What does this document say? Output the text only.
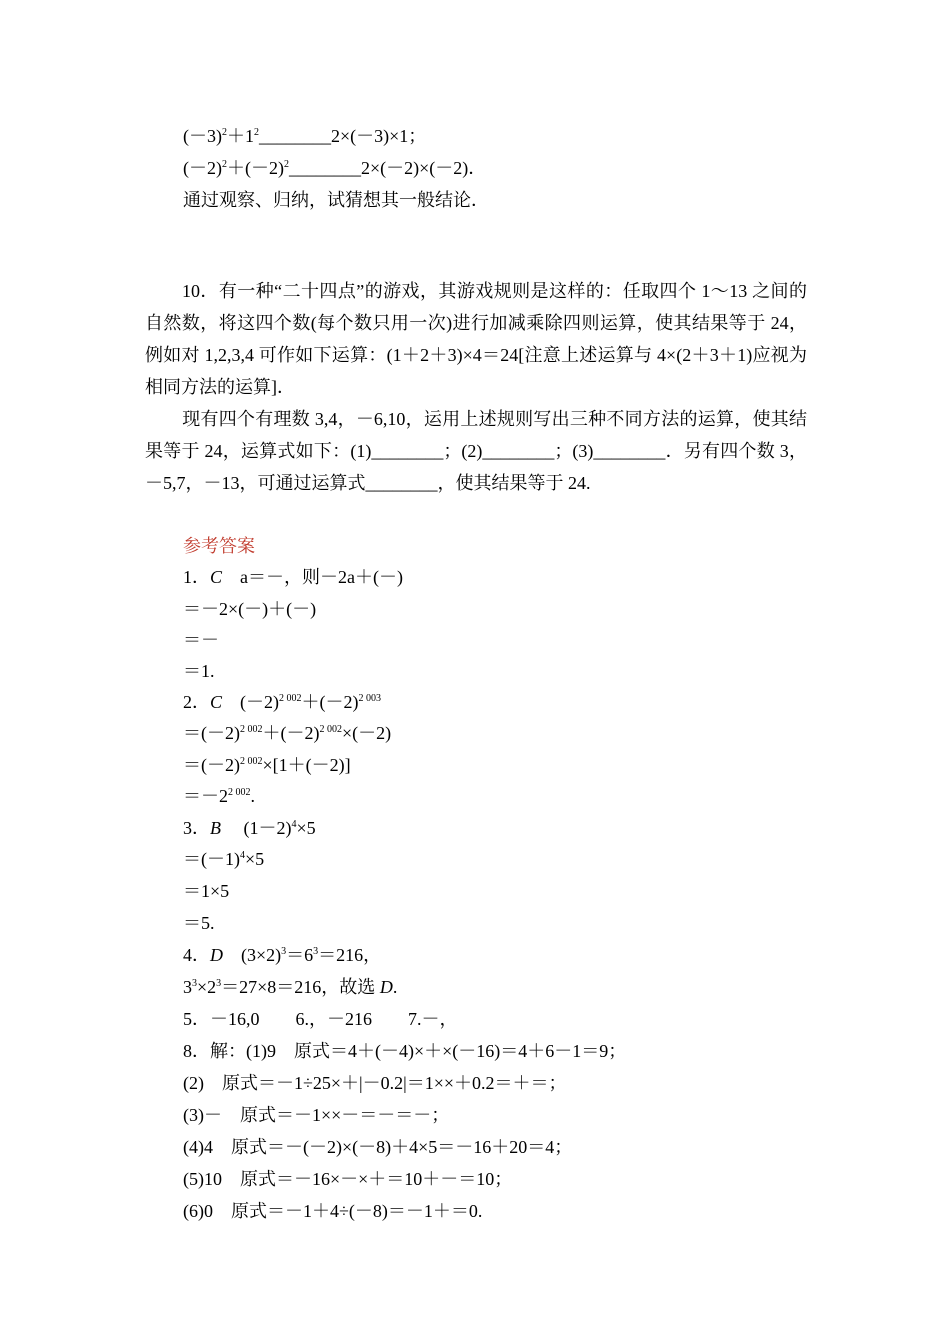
$(-3)^2+1^2\_\_\_\_\_\_\_\_2\times(-3)\times 1$；
$(-2)^2+(-2)^2\_\_\_\_\_\_\_\_2\times(-2)\times(-2)$．
通过观察、归纳，试猜想其一般结论．
10．有一种“二十四点”的游戏，其游戏规则是这样的：任取四个 1～13 之间的自然数，将这四个数(每个数只用一次)进行加减乘除四则运算，使其结果等于 24，例如对 1,2,3,4 可作如下运算：(1＋2＋3)×4＝24[注意上述运算与 4×(2＋3＋1)应视为相同方法的运算]．
现有四个有理数 3,4，－6,10，运用上述规则写出三种不同方法的运算，使其结果等于 24，运算式如下：(1)________；(2)________；(3)________．另有四个数 3，－5,7，－13，可通过运算式________，使其结果等于 24.
参考答案
1．C　a＝－，则－2a＋(－)
＝－2×(－)＋(－)
＝－
＝1.
2．C　$(-2)^{2 002}+(-2)^{2 003}$
$=(-2)^{2 002}+(-2)^{2 002}\times(-2)$
$=(-2)^{2 002}\times[1+(-2)]$
$=-2^{2 002}$.
3．B　 $(1-2)^4\times 5$
$=(-1)^4\times 5$
＝1×5
＝5.
4．D　$(3\times 2)^3=6^3=216$，
$3^3\times 2^3=27\times 8=216$，故选 D.
5．－16,0　　6.，－216　　7.－，
8．解：(1)9　原式＝4＋(－4)×＋×(－16)＝4＋6－1＝9；
(2)　原式＝－1÷25×＋|－0.2|＝1××＋0.2＝＋＝；
(3)－　原式＝－1××－＝－＝－；
(4)4　原式＝－(－2)×(－8)＋4×5＝－16＋20＝4；
(5)10　原式＝－16×－×＋＝10＋－＝10；
(6)0　原式＝－1＋4÷(－8)＝－1＋＝0.
